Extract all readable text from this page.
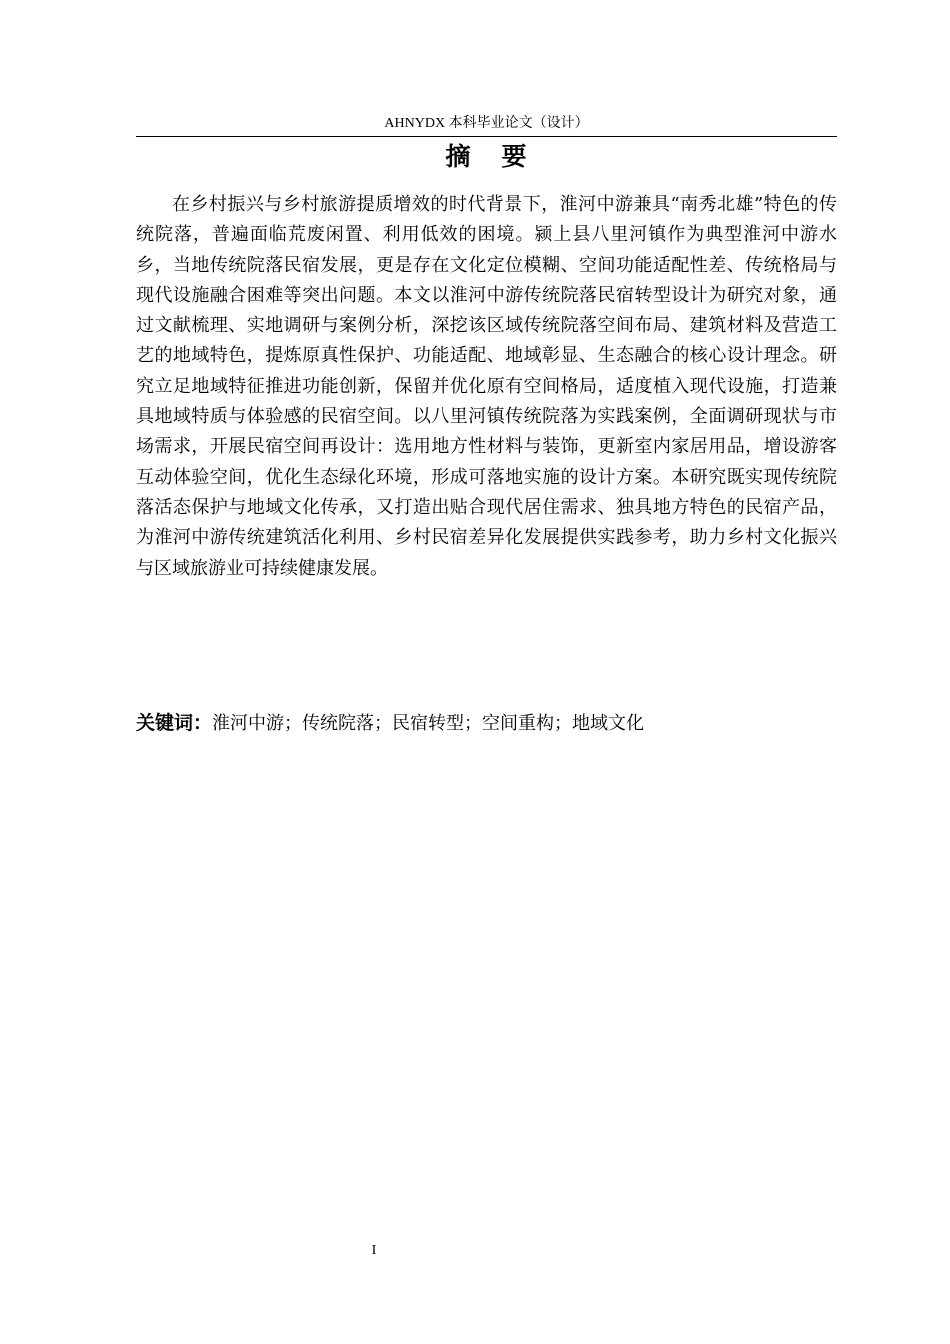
AHNYDX 本科毕业论文（设计）
摘 要

在乡村振兴与乡村旅游提质增效的时代背景下，淮河中游兼具“南秀北雄”特色的传统院落，普遍面临荒废闲置、利用低效的困境。颍上县八里河镇作为典型淮河中游水乡，当地传统院落民宿发展，更是存在文化定位模糊、空间功能适配性差、传统格局与现代设施融合困难等突出问题。本文以淮河中游传统院落民宿转型设计为研究对象，通过文献梳理、实地调研与案例分析，深挖该区域传统院落空间布局、建筑材料及营造工艺的地域特色，提炼原真性保护、功能适配、地域彰显、生态融合的核心设计理念。研究立足地域特征推进功能创新，保留并优化原有空间格局，适度植入现代设施，打造兼具地域特质与体验感的民宿空间。以八里河镇传统院落为实践案例，全面调研现状与市场需求，开展民宿空间再设计：选用地方性材料与装饰，更新室内家居用品，增设游客互动体验空间，优化生态绿化环境，形成可落地实施的设计方案。本研究既实现传统院落活态保护与地域文化传承，又打造出贴合现代居住需求、独具地方特色的民宿产品，为淮河中游传统建筑活化利用、乡村民宿差异化发展提供实践参考，助力乡村文化振兴与区域旅游业可持续健康发展。

关键词：淮河中游；传统院落；民宿转型；空间重构；地域文化
I
